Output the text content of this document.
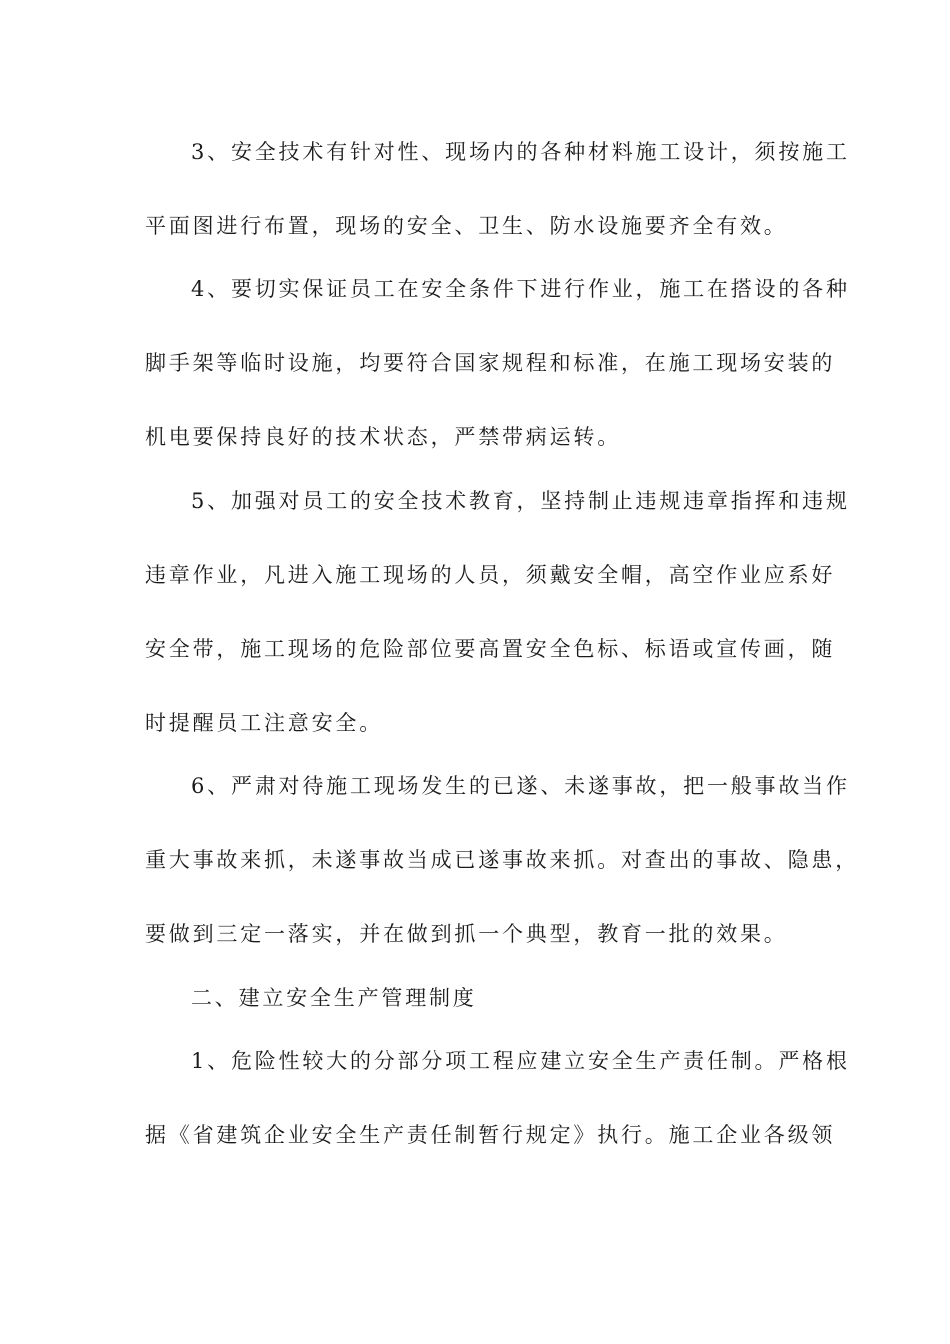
3、安全技术有针对性、现场内的各种材料施工设计，须按施工
平面图进行布置，现场的安全、卫生、防水设施要齐全有效。
4、要切实保证员工在安全条件下进行作业，施工在搭设的各种
脚手架等临时设施，均要符合国家规程和标准，在施工现场安装的
机电要保持良好的技术状态，严禁带病运转。
5、加强对员工的安全技术教育，坚持制止违规违章指挥和违规
违章作业，凡进入施工现场的人员，须戴安全帽，高空作业应系好
安全带，施工现场的危险部位要高置安全色标、标语或宣传画，随
时提醒员工注意安全。
6、严肃对待施工现场发生的已遂、未遂事故，把一般事故当作
重大事故来抓，未遂事故当成已遂事故来抓。对查出的事故、隐患，
要做到三定一落实，并在做到抓一个典型，教育一批的效果。
二、建立安全生产管理制度
1、危险性较大的分部分项工程应建立安全生产责任制。严格根
据《省建筑企业安全生产责任制暂行规定》执行。施工企业各级领
